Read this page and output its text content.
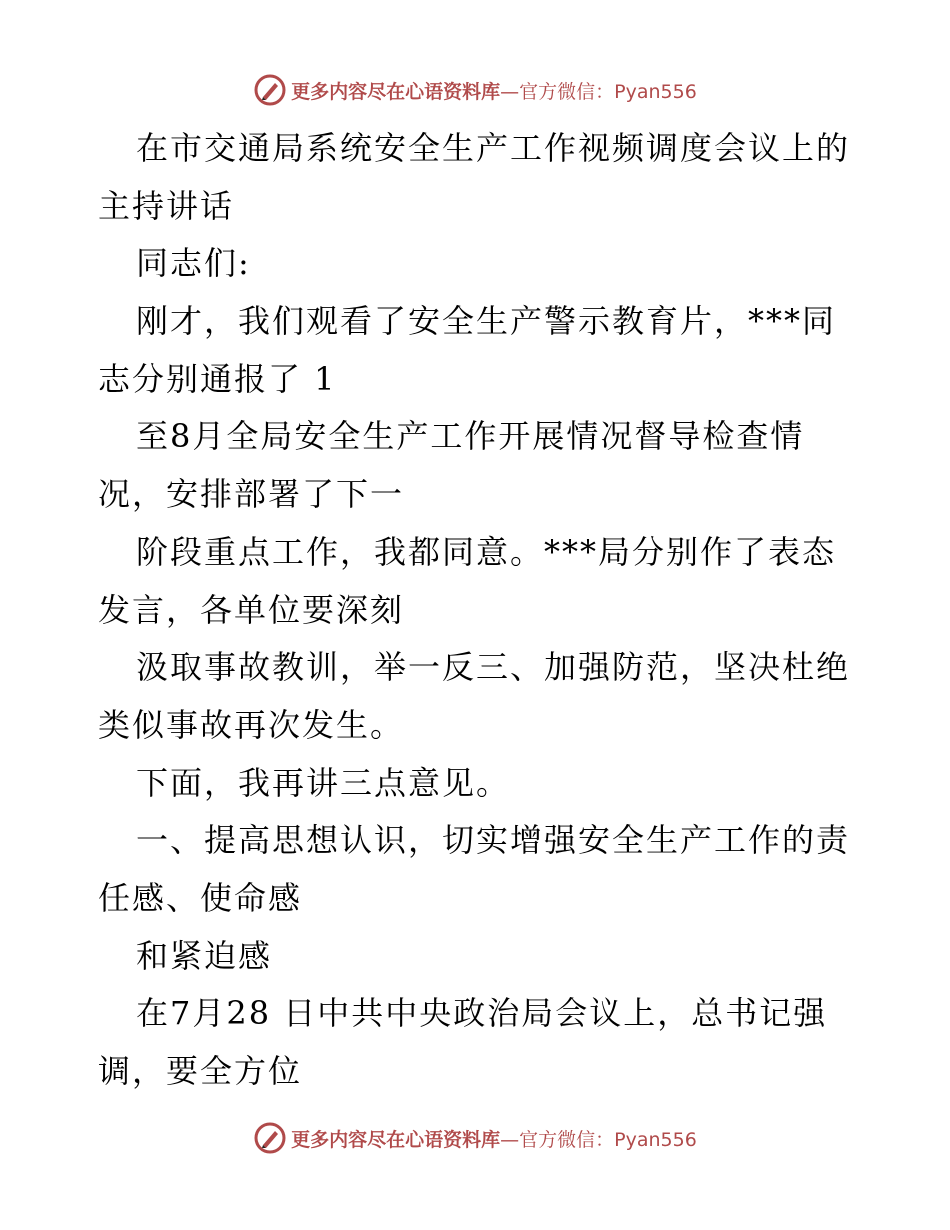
更多内容尽在心语资料库 —官方微信：Pyan556
在市交通局系统安全生产工作视频调度会议上的
主持讲话
同志们:
刚才，我们观看了安全生产警示教育片，***同
志分别通报了 1
至8月全局安全生产工作开展情况督导检查情
况，安排部署了下一
阶段重点工作，我都同意。***局分别作了表态
发言，各单位要深刻
汲取事故教训，举一反三、加强防范，坚决杜绝
类似事故再次发生。
下面，我再讲三点意见。
一、提高思想认识，切实增强安全生产工作的责
任感、使命感
和紧迫感
在7月28 日中共中央政治局会议上，总书记强
调，要全方位
更多内容尽在心语资料库 —官方微信：Pyan556
